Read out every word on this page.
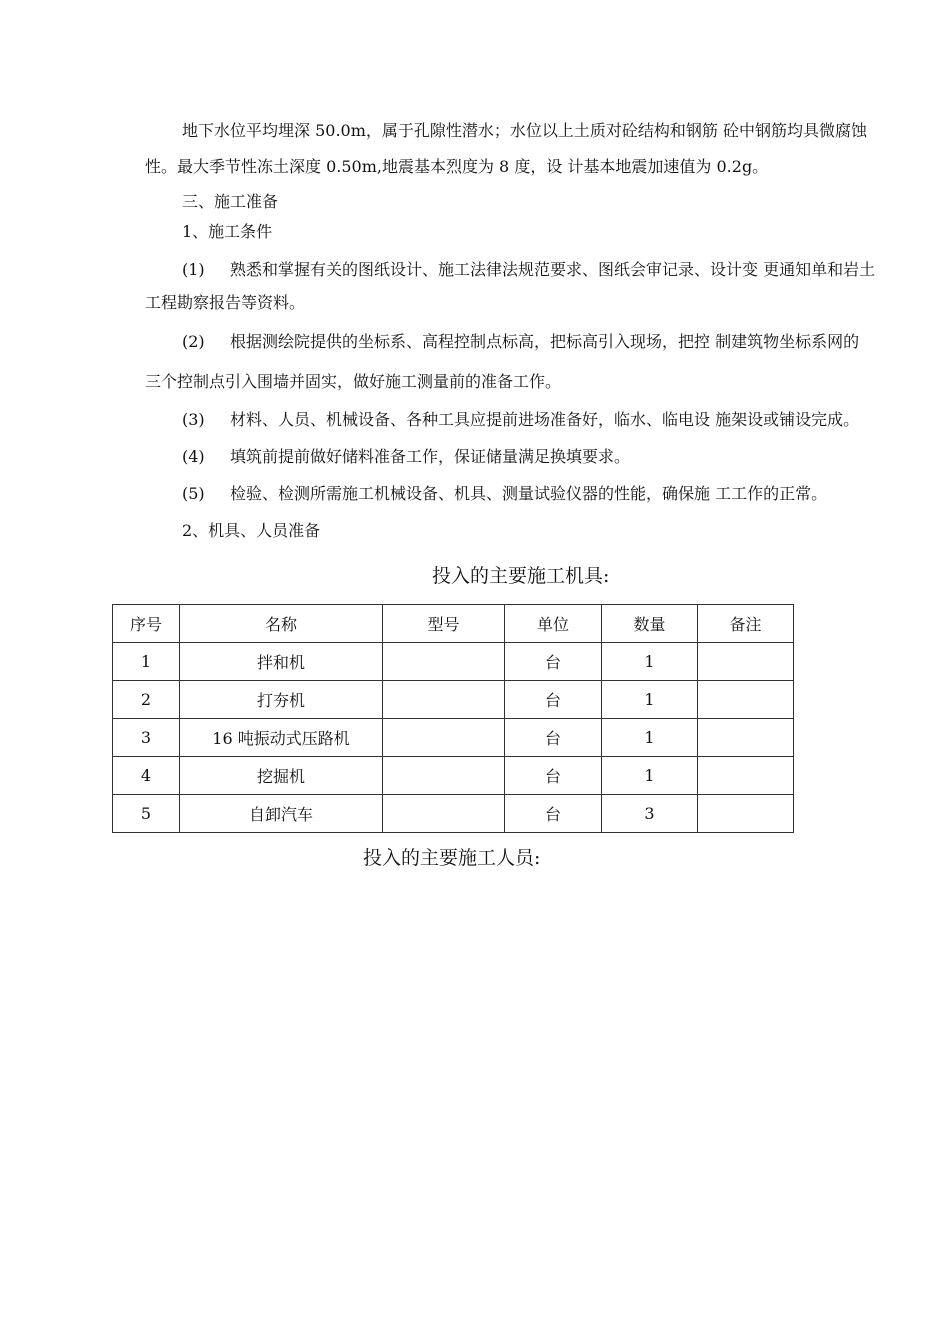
地下水位平均埋深 50.0m，属于孔隙性潜水；水位以上土质对砼结构和钢筋 砼中钢筋均具微腐蚀
性。最大季节性冻土深度 0.50m,地震基本烈度为 8 度，设 计基本地震加速值为 0.2g。
三、施工准备
1、施工条件
(1) 熟悉和掌握有关的图纸设计、施工法律法规范要求、图纸会审记录、设计变 更通知单和岩土
工程勘察报告等资料。
(2) 根据测绘院提供的坐标系、高程控制点标高，把标高引入现场，把控 制建筑物坐标系网的
三个控制点引入围墙并固实，做好施工测量前的准备工作。
(3) 材料、人员、机械设备、各种工具应提前进场准备好，临水、临电设 施架设或铺设完成。
(4) 填筑前提前做好储料准备工作，保证储量满足换填要求。
(5) 检验、检测所需施工机械设备、机具、测量试验仪器的性能，确保施 工工作的正常。
2、机具、人员准备
投入的主要施工机具:
序号	名称	型号	单位	数量	备注
1	拌和机		台	1	
2	打夯机		台	1	
3	16 吨振动式压路机		台	1	
4	挖掘机		台	1	
5	自卸汽车		台	3	
投入的主要施工人员:
